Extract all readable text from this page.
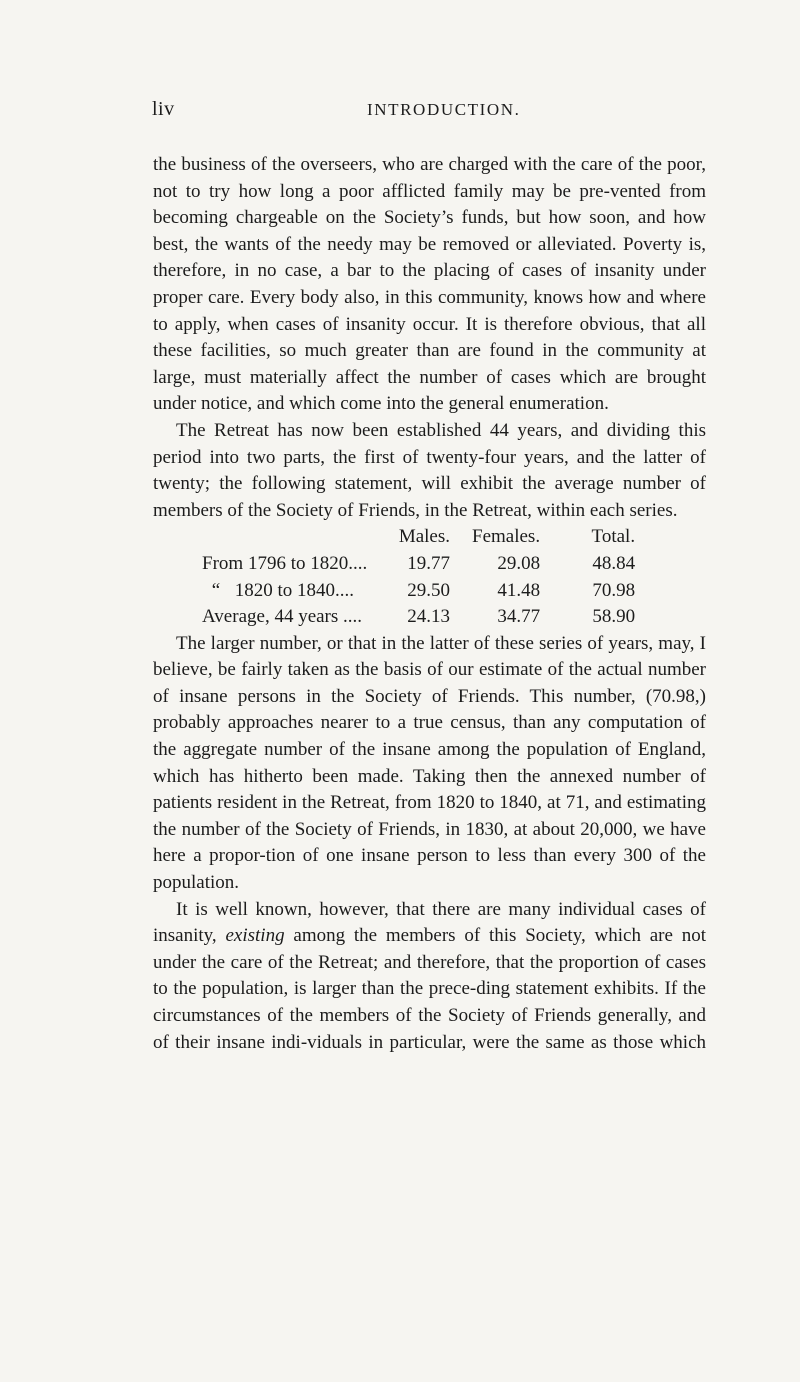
liv	INTRODUCTION.

the business of the overseers, who are charged with the care of the poor, not to try how long a poor afflicted family may be pre-vented from becoming chargeable on the Society’s funds, but how soon, and how best, the wants of the needy may be removed or alleviated. Poverty is, therefore, in no case, a bar to the placing of cases of insanity under proper care. Every body also, in this community, knows how and where to apply, when cases of insanity occur. It is therefore obvious, that all these facilities, so much greater than are found in the community at large, must materially affect the number of cases which are brought under notice, and which come into the general enumeration.

The Retreat has now been established 44 years, and dividing this period into two parts, the first of twenty-four years, and the latter of twenty; the following statement, will exhibit the average number of members of the Society of Friends, in the Retreat, within each series.

	Males.		Females.		Total.
From 1796 to 1820....	19.77		29.08		48.84
“ 1820 to 1840....	29.50		41.48		70.98
Average, 44 years ....	24.13		34.77		58.90

The larger number, or that in the latter of these series of years, may, I believe, be fairly taken as the basis of our estimate of the actual number of insane persons in the Society of Friends. This number, (70.98,) probably approaches nearer to a true census, than any computation of the aggregate number of the insane among the population of England, which has hitherto been made. Taking then the annexed number of patients resident in the Retreat, from 1820 to 1840, at 71, and estimating the number of the Society of Friends, in 1830, at about 20,000, we have here a propor-tion of one insane person to less than every 300 of the population.

It is well known, however, that there are many individual cases of insanity, existing among the members of this Society, which are not under the care of the Retreat; and therefore, that the proportion of cases to the population, is larger than the prece-ding statement exhibits. If the circumstances of the members of the Society of Friends generally, and of their insane indi-viduals in particular, were the same as those which
